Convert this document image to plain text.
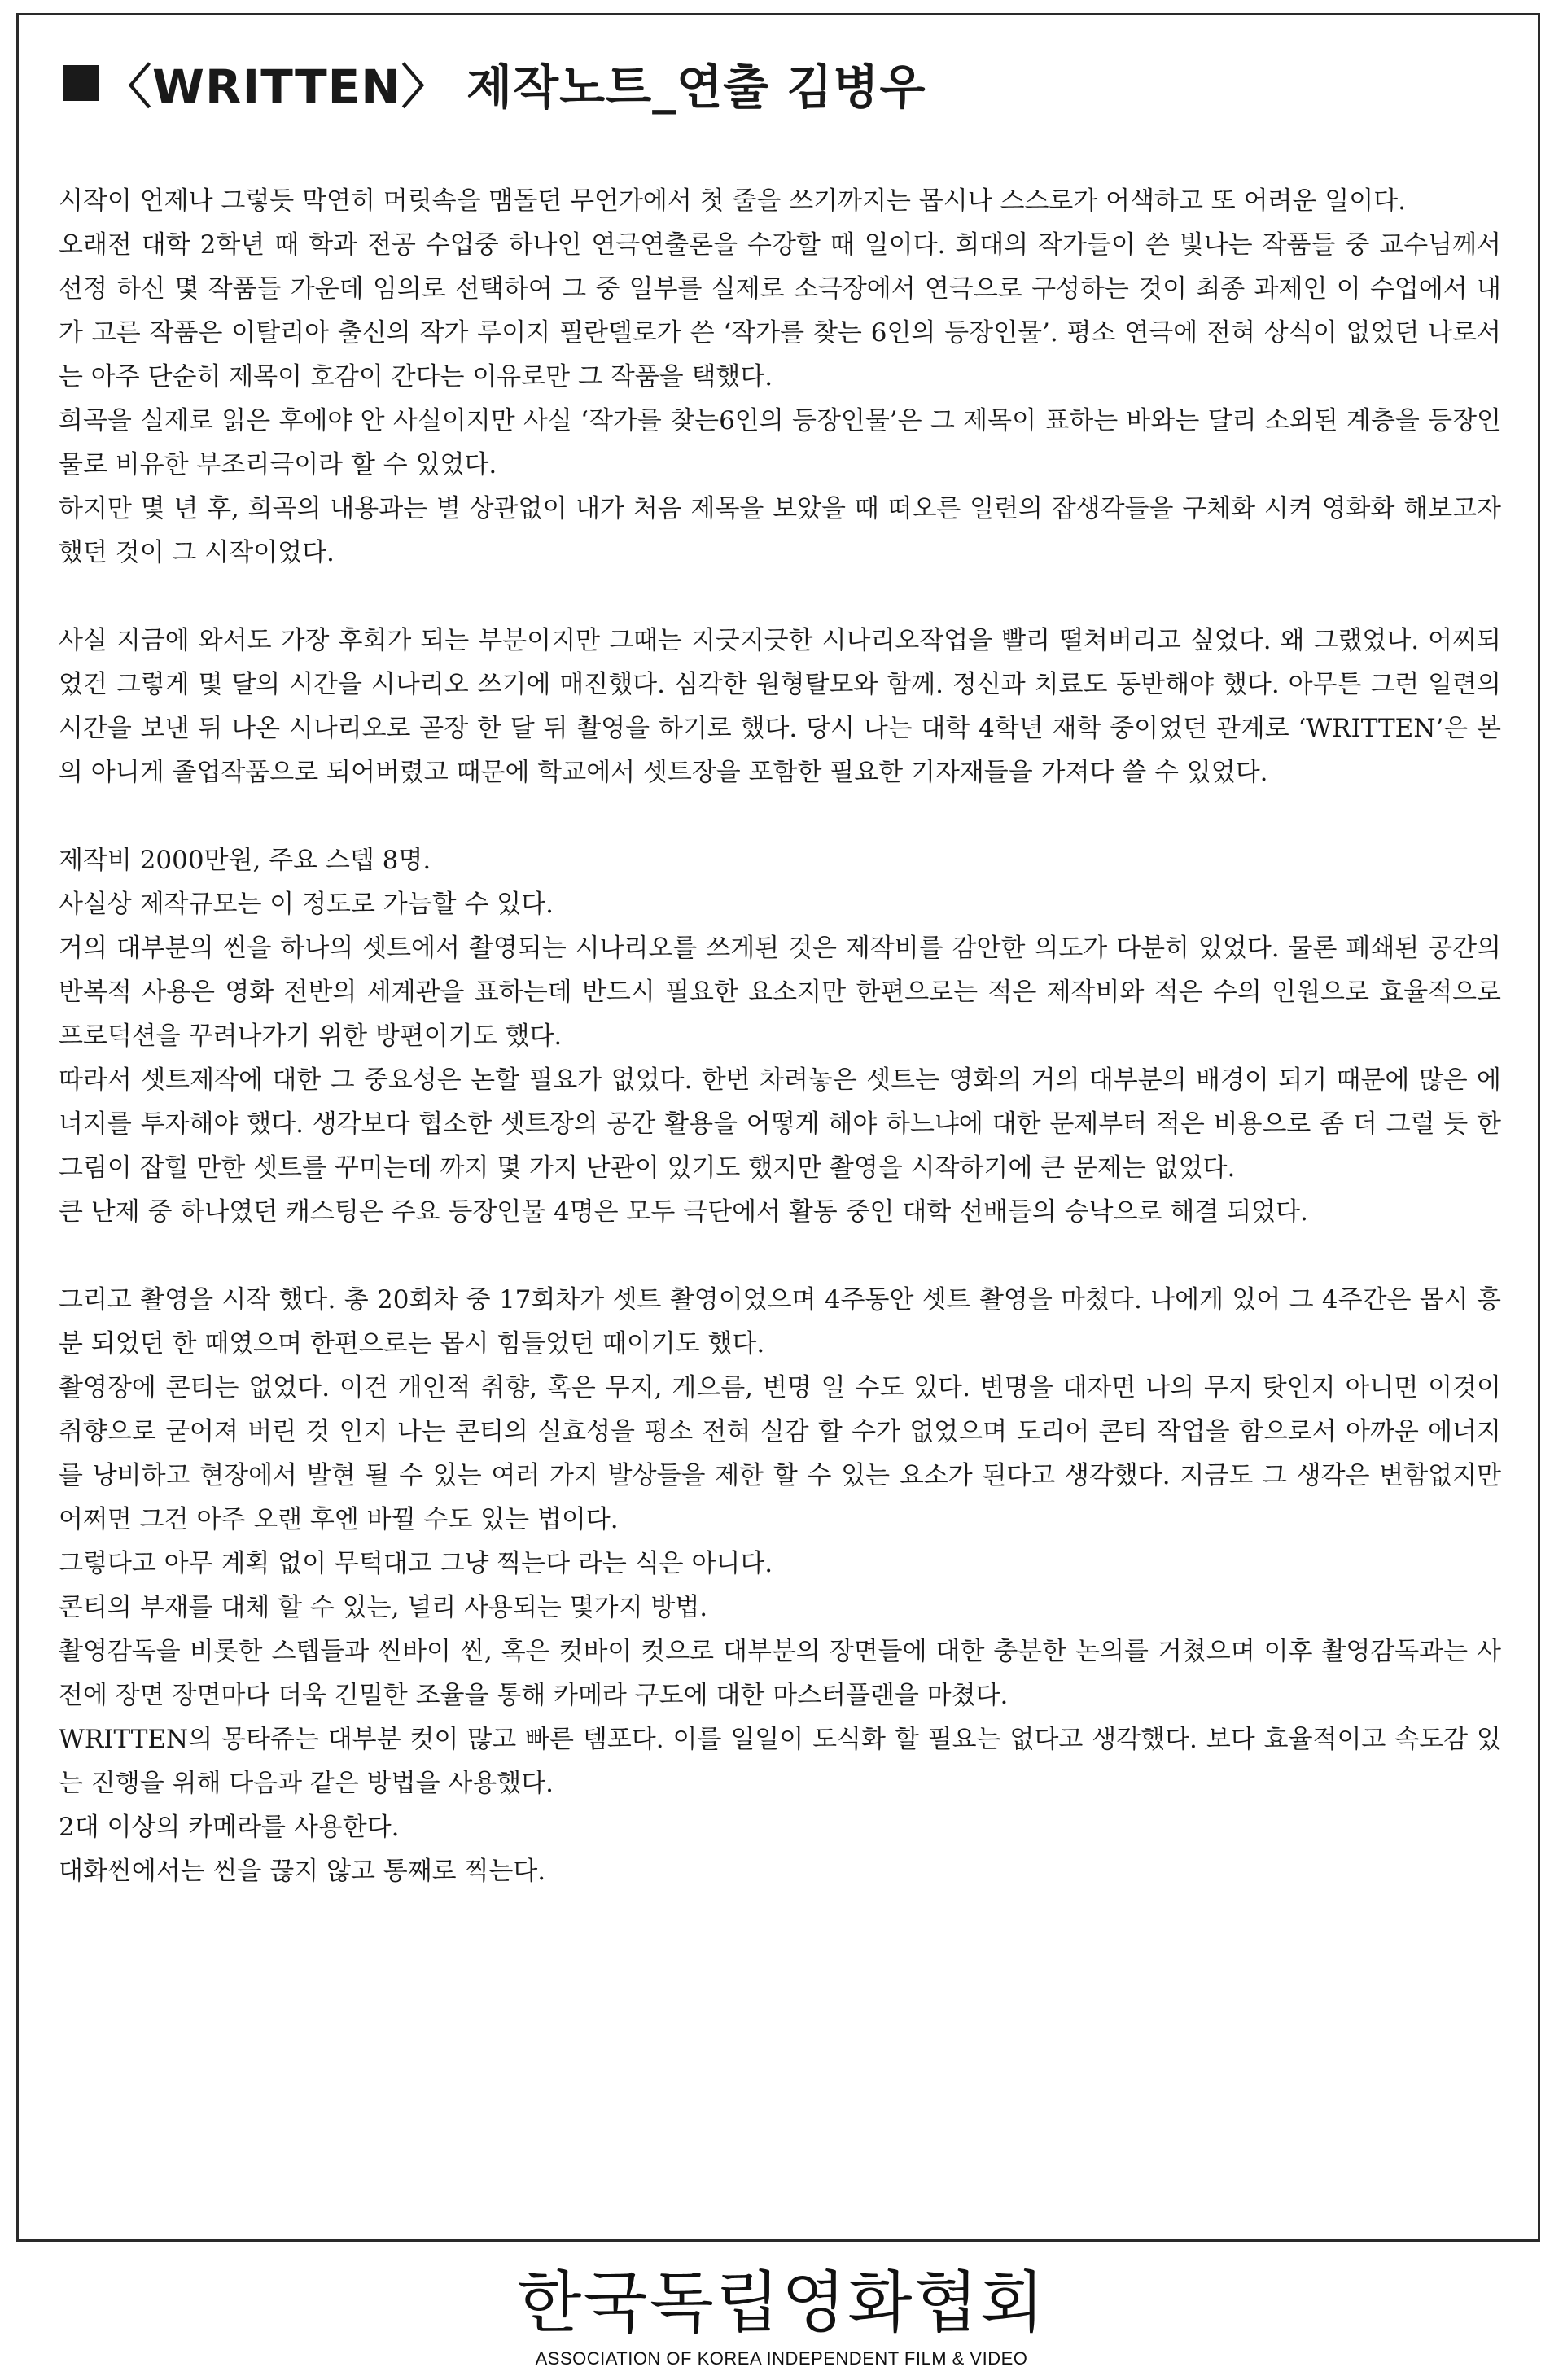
〈WRITTEN〉 제작노트_연출 김병우

시작이 언제나 그렇듯 막연히 머릿속을 맴돌던 무언가에서 첫 줄을 쓰기까지는 몹시나 스스로가 어색하고 또 어려운 일이다.

오래전 대학 2학년 때 학과 전공 수업중 하나인 연극연출론을 수강할 때 일이다. 희대의 작가들이 쓴 빛나는 작품들 중 교수님께서 선정 하신 몇 작품들 가운데 임의로 선택하여 그 중 일부를 실제로 소극장에서 연극으로 구성하는 것이 최종 과제인 이 수업에서 내가 고른 작품은 이탈리아 출신의 작가 루이지 필란델로가 쓴 ‘작가를 찾는 6인의 등장인물’. 평소 연극에 전혀 상식이 없었던 나로서는 아주 단순히 제목이 호감이 간다는 이유로만 그 작품을 택했다.

희곡을 실제로 읽은 후에야 안 사실이지만 사실 ‘작가를 찾는6인의 등장인물’은 그 제목이 표하는 바와는 달리 소외된 계층을 등장인물로 비유한 부조리극이라 할 수 있었다.

하지만 몇 년 후, 희곡의 내용과는 별 상관없이 내가 처음 제목을 보았을 때 떠오른 일련의 잡생각들을 구체화 시켜 영화화 해보고자 했던 것이 그 시작이었다.

사실 지금에 와서도 가장 후회가 되는 부분이지만 그때는 지긋지긋한 시나리오작업을 빨리 떨쳐버리고 싶었다. 왜 그랬었나. 어찌되었건 그렇게 몇 달의 시간을 시나리오 쓰기에 매진했다. 심각한 원형탈모와 함께. 정신과 치료도 동반해야 했다. 아무튼 그런 일련의 시간을 보낸 뒤 나온 시나리오로 곧장 한 달 뒤 촬영을 하기로 했다. 당시 나는 대학 4학년 재학 중이었던 관계로 ‘WRITTEN’은 본의 아니게 졸업작품으로 되어버렸고 때문에 학교에서 셋트장을 포함한 필요한 기자재들을 가져다 쓸 수 있었다.

제작비 2000만원, 주요 스텝 8명.

사실상 제작규모는 이 정도로 가늠할 수 있다.

거의 대부분의 씬을 하나의 셋트에서 촬영되는 시나리오를 쓰게된 것은 제작비를 감안한 의도가 다분히 있었다. 물론 폐쇄된 공간의 반복적 사용은 영화 전반의 세계관을 표하는데 반드시 필요한 요소지만 한편으로는 적은 제작비와 적은 수의 인원으로 효율적으로 프로덕션을 꾸려나가기 위한 방편이기도 했다.

따라서 셋트제작에 대한 그 중요성은 논할 필요가 없었다. 한번 차려놓은 셋트는 영화의 거의 대부분의 배경이 되기 때문에 많은 에너지를 투자해야 했다. 생각보다 협소한 셋트장의 공간 활용을 어떻게 해야 하느냐에 대한 문제부터 적은 비용으로 좀 더 그럴 듯 한 그림이 잡힐 만한 셋트를 꾸미는데 까지 몇 가지 난관이 있기도 했지만 촬영을 시작하기에 큰 문제는 없었다.

큰 난제 중 하나였던 캐스팅은 주요 등장인물 4명은 모두 극단에서 활동 중인 대학 선배들의 승낙으로 해결 되었다.

그리고 촬영을 시작 했다. 총 20회차 중 17회차가 셋트 촬영이었으며 4주동안 셋트 촬영을 마쳤다. 나에게 있어 그 4주간은 몹시 흥분 되었던 한 때였으며 한편으로는 몹시 힘들었던 때이기도 했다.

촬영장에 콘티는 없었다. 이건 개인적 취향, 혹은 무지, 게으름, 변명 일 수도 있다. 변명을 대자면 나의 무지 탓인지 아니면 이것이 취향으로 굳어져 버린 것 인지 나는 콘티의 실효성을 평소 전혀 실감 할 수가 없었으며 도리어 콘티 작업을 함으로서 아까운 에너지를 낭비하고 현장에서 발현 될 수 있는 여러 가지 발상들을 제한 할 수 있는 요소가 된다고 생각했다. 지금도 그 생각은 변함없지만 어쩌면 그건 아주 오랜 후엔 바뀔 수도 있는 법이다.

그렇다고 아무 계획 없이 무턱대고 그냥 찍는다 라는 식은 아니다.

콘티의 부재를 대체 할 수 있는, 널리 사용되는 몇가지 방법.

촬영감독을 비롯한 스텝들과 씬바이 씬, 혹은 컷바이 컷으로 대부분의 장면들에 대한 충분한 논의를 거쳤으며 이후 촬영감독과는 사전에 장면 장면마다 더욱 긴밀한 조율을 통해 카메라 구도에 대한 마스터플랜을 마쳤다.

WRITTEN의 몽타쥬는 대부분 컷이 많고 빠른 템포다. 이를 일일이 도식화 할 필요는 없다고 생각했다. 보다 효율적이고 속도감 있는 진행을 위해 다음과 같은 방법을 사용했다.

2대 이상의 카메라를 사용한다.

대화씬에서는 씬을 끊지 않고 통째로 찍는다.

한국독립영화협회
ASSOCIATION OF KOREA INDEPENDENT FILM & VIDEO
